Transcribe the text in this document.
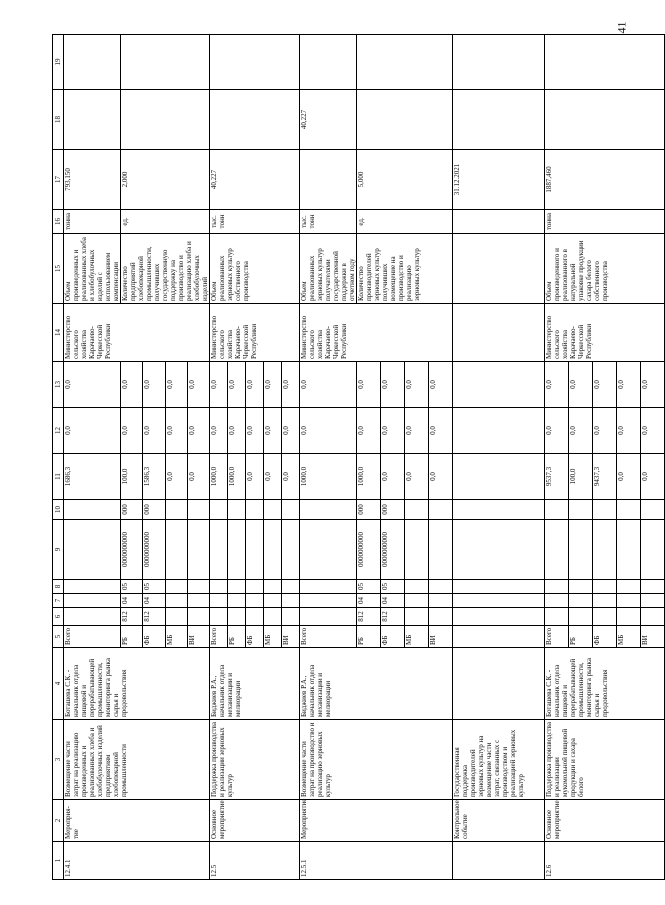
41
1	2	3	4	5	6	7	8	9	10	11	12	13	14	15	16	17	18	19
12.4.1	Мероприя-тие	Возмещение части затрат на реализацию произведенных и реализованных хлеба и хлебобулочных изделий предприятиям хлебопекарной промышленности	Боташева С.К. - начальник отдела пищевой и перерабатывающей промышленности, мониторинга рынка сырья и продовольствия	Всего						1686,3	0,0	0,0	Министерство сельского хозяйства Карачаево-Черкесской Республики	Объем произведенных и реализованных хлеба и хлебобулочных изделий с использованием компенсации	тонна	793,150		
				РБ	812	04	05	0000000000	000	100,0	0,0	0,0		Количество предприятий хлебопекарной промышленности, получивших государственную поддержку на производство и реализацию хлеба и хлебобулочных изделий	ед.	2,000		
				ФБ	812	04	05	0000000000	000	1586,3	0,0	0,0						
				МБ						0,0	0,0	0,0						
				ВИ						0,0	0,0	0,0						
12.5	Основное мероприятие	Поддержка производства и реализации зерновых культур	Биджиев Р.А., начальник отдела механизации и мелиорации	Всего						1000,0	0,0	0,0	Министерство сельского хозяйства Карачаево-Черкесской Республики	Объем реализованных зерновых культур собственного производства	тыс. тонн	40,227		
				РБ						1000,0	0,0	0,0						
				ФБ						0,0	0,0	0,0						
				МБ						0,0	0,0	0,0						
				ВИ						0,0	0,0	0,0						
12.5.1	Мероприятие	Возмещение части затрат на производство и реализацию зерновых культур	Биджиев Р.А., начальник отдела механизации и мелиорации	Всего						1000,0	0,0	0,0	Министерство сельского хозяйства Карачаево-Черкесской Республики	Объем реализованных зерновых культур получателями государственной поддержки в отчетном году	тыс. тонн		40,227	
				РБ	812	04	05	0000000000	000	1000,0	0,0	0,0		Количество производителей зерновых культур получивших возмещение на производство и реализацию зерновых культур	ед.	5,000		
				ФБ	812	04	05	0000000000	000	0,0	0,0	0,0						
				МБ						0,0	0,0	0,0						
				ВИ						0,0	0,0	0,0						
	Контрольное событие	Государственная поддержка производителей зерновых культур на возмещение части затрат, связанных с производством и реализацией зерновых культур														31.12.2021		
12.6	Основное мероприятие	Поддержка производства и реализации мукомольной пищевой продукции и сахара белого	Боташева С.К. - начальник отдела пищевой и перерабатывающей промышленности, мониторинга рынка сырья и продовольствия	Всего						9537,3	0,0	0,0	Министерство сельского хозяйства Карачаево-Черкесской Республики	Объем произведенного и реализованного в натуральной упаковке продукции сахара белого собственного производства	тонна	1887,460		
				РБ						100,0	0,0	0,0						
				ФБ						9437,3	0,0	0,0						
				МБ						0,0	0,0	0,0						
				ВИ						0,0	0,0	0,0						
